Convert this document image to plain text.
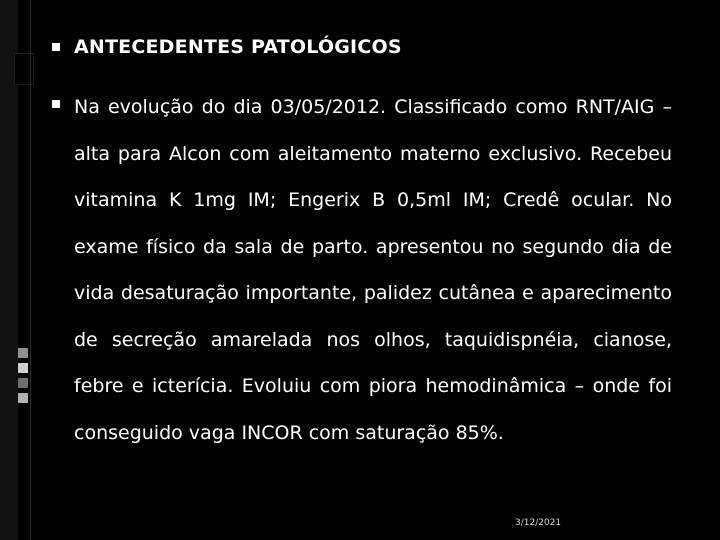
ANTECEDENTES PATOLÓGICOS
Na evolução do dia 03/05/2012. Classificado como RNT/AIG – alta para Alcon com aleitamento materno exclusivo. Recebeu vitamina K 1mg IM; Engerix B 0,5ml IM; Credê ocular. No exame físico da sala de parto. apresentou no segundo dia de vida desaturação importante, palidez cutânea e aparecimento de secreção amarelada nos olhos, taquidispnéia, cianose, febre e icterícia. Evoluiu com piora hemodinâmica – onde foi conseguido vaga INCOR com saturação 85%.
3/12/2021
